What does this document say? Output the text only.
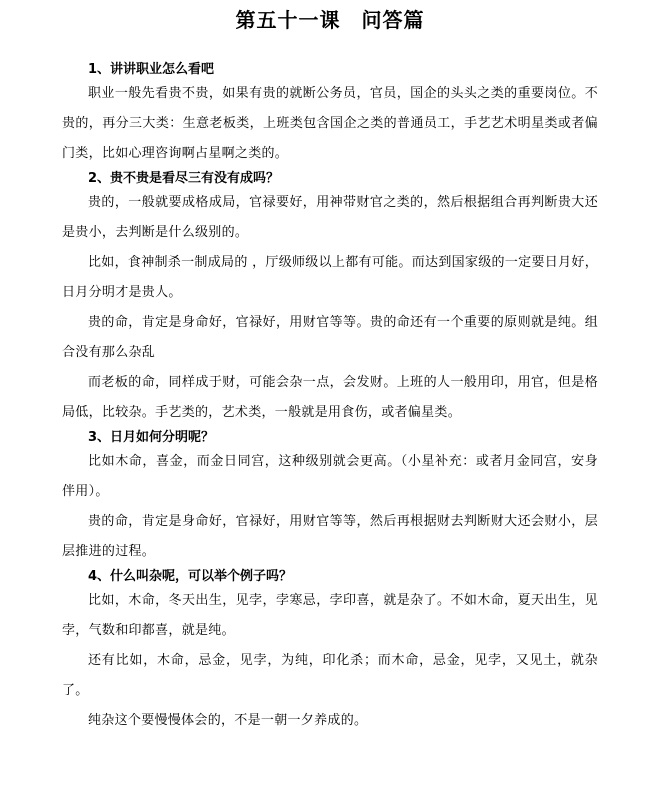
第五十一课　问答篇

1、讲讲职业怎么看吧

职业一般先看贵不贵，如果有贵的就断公务员，官员，国企的头头之类的重要岗位。不贵的，再分三大类：生意老板类，上班类包含国企之类的普通员工，手艺艺术明星类或者偏门类，比如心理咨询啊占星啊之类的。

2、贵不贵是看尽三有没有成吗？

贵的，一般就要成格成局，官禄要好，用神带财官之类的，然后根据组合再判断贵大还是贵小，去判断是什么级别的。

比如，食神制杀一制成局的 ，厅级师级以上都有可能。而达到国家级的一定要日月好，日月分明才是贵人。

贵的命，肯定是身命好，官禄好，用财官等等。贵的命还有一个重要的原则就是纯。组合没有那么杂乱

而老板的命，同样成于财，可能会杂一点，会发财。上班的人一般用印，用官，但是格局低，比较杂。手艺类的，艺术类，一般就是用食伤，或者偏星类。

3、日月如何分明呢？

比如木命，喜金，而金日同宫，这种级别就会更高。（小星补充：或者月金同宫，安身伴用）。

贵的命，肯定是身命好，官禄好，用财官等等，然后再根据财去判断财大还会财小，层层推进的过程。

4、什么叫杂呢，可以举个例子吗？

比如，木命，冬天出生，见孛，孛寒忌，孛印喜，就是杂了。不如木命，夏天出生，见孛，气数和印都喜，就是纯。

还有比如，木命，忌金，见孛，为纯，印化杀；而木命，忌金，见孛，又见土，就杂了。

纯杂这个要慢慢体会的，不是一朝一夕养成的。
